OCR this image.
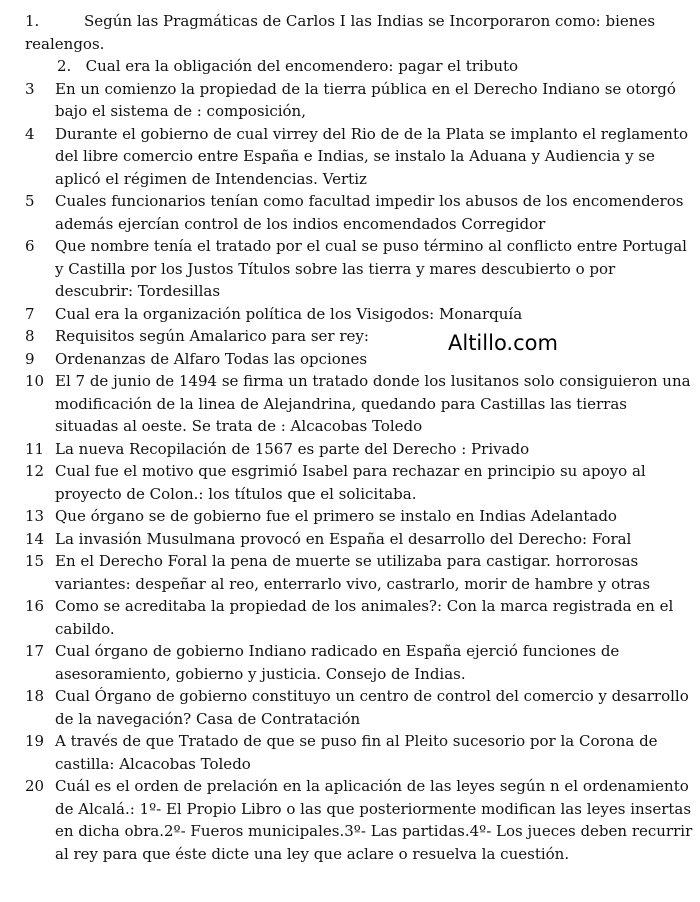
1.	Según las Pragmáticas de Carlos I las Indias se Incorporaron como: bienes realengos.
2. Cual era la obligación del encomendero: pagar el tributo
3 En un comienzo la propiedad de la tierra pública en el Derecho Indiano se otorgó bajo el sistema de : composición,
4 Durante el gobierno de cual virrey del Rio de de la Plata se implanto el reglamento del libre comercio entre España e Indias, se instalo la Aduana y Audiencia y se aplicó el régimen de Intendencias. Vertiz
5 Cuales funcionarios tenían como facultad impedir los abusos de los encomenderos además ejercían control de los indios encomendados Corregidor
6 Que nombre tenía el tratado por el cual se puso término al conflicto entre Portugal y Castilla por los Justos Títulos sobre las tierra y mares descubierto o por descubrir: Tordesillas
7 Cual era la organización política de los Visigodos: Monarquía
8 Requisitos según Amalarico para ser rey:
9 Ordenanzas de Alfaro Todas las opciones
10 El 7 de junio de 1494 se firma un tratado donde los lusitanos solo consiguieron una modificación de la linea de Alejandrina, quedando para Castillas las tierras situadas al oeste. Se trata de : Alcacobas Toledo
11 La nueva Recopilación de 1567 es parte del Derecho : Privado
12 Cual fue el motivo que esgrimió Isabel para rechazar en principio su apoyo al proyecto de Colon.: los títulos que el solicitaba.
13 Que órgano se de gobierno fue el primero se instalo en Indias Adelantado
14 La invasión Musulmana provocó en España el desarrollo del Derecho: Foral
15 En el Derecho Foral la pena de muerte se utilizaba para castigar. horrorosas variantes: despeñar al reo, enterrarlo vivo, castrarlo, morir de hambre y otras
16 Como se acreditaba la propiedad de los animales?: Con la marca registrada en el cabildo.
17 Cual órgano de gobierno Indiano radicado en España ejerció funciones de asesoramiento, gobierno y justicia. Consejo de Indias.
18 Cual Órgano de gobierno constituyo un centro de control del comercio y desarrollo de la navegación? Casa de Contratación
19 A través de que Tratado de que se puso fin al Pleito sucesorio por la Corona de castilla: Alcacobas Toledo
20 Cuál es el orden de prelación en la aplicación de las leyes según n el ordenamiento de Alcalá.: 1º- El Propio Libro o las que posteriormente modifican las leyes insertas en dicha obra.2º- Fueros municipales.3º- Las partidas.4º- Los jueces deben recurrir al rey para que éste dicte una ley que aclare o resuelva la cuestión.
Altillo.com
